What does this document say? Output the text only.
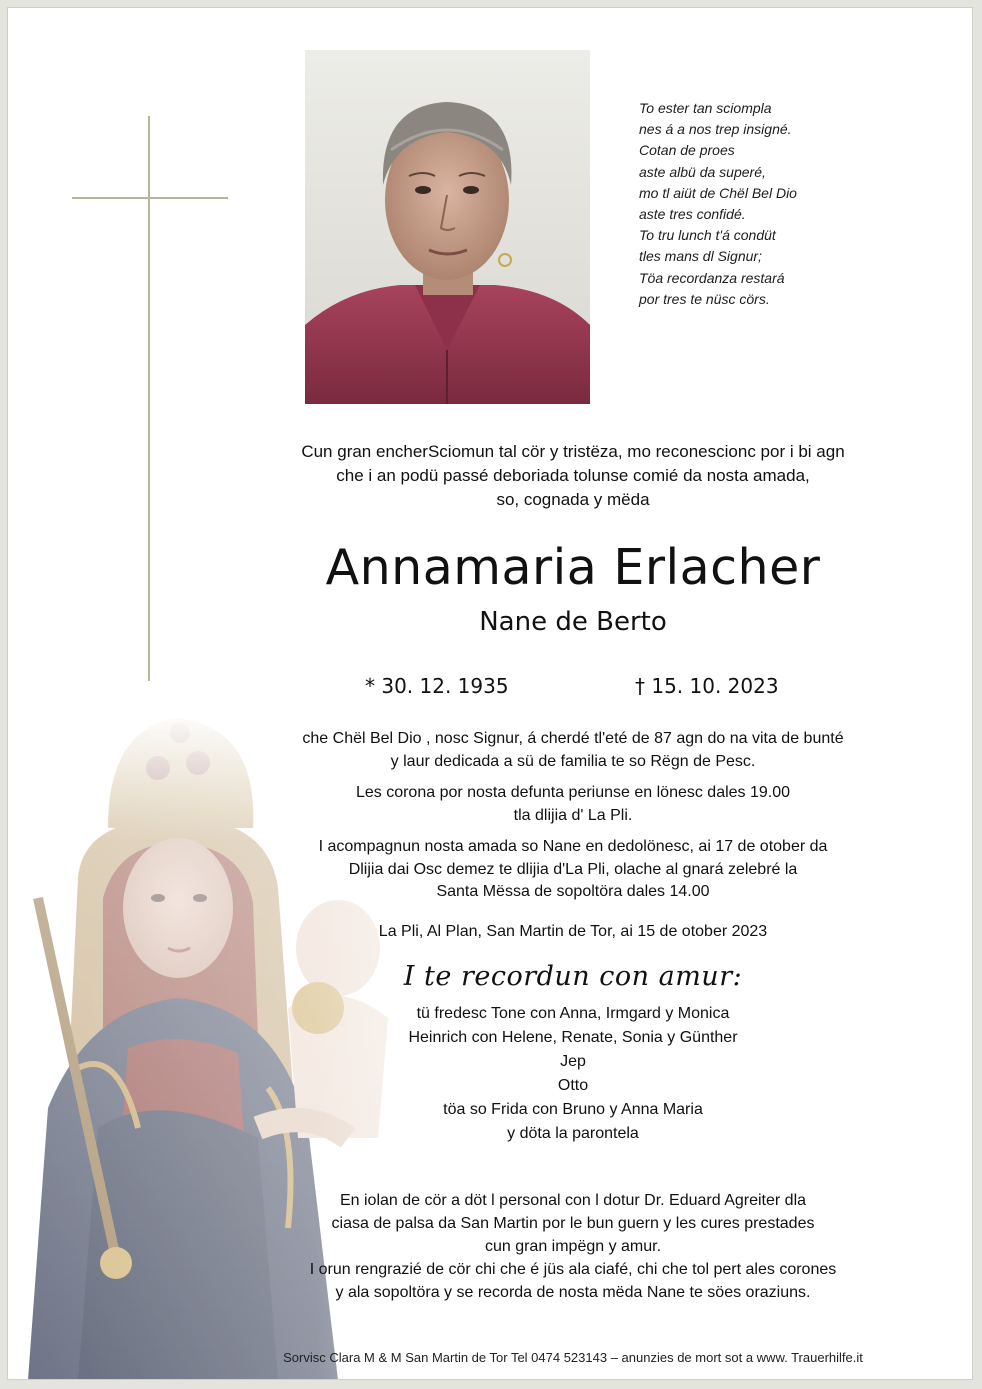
To ester tan sciompla
nes á a nos trep insigné.
Cotan de proes
aste albü da superé,
mo tl aiüt de Chël Bel Dio
aste tres confidé.
To tru lunch t'á condüt
tles mans dl Signur;
Töa recordanza restará
por tres te nüsc cörs.
Cun gran encherSciomun tal cör y tristëza, mo reconescionc por i bi agn
che i an podü passé deboriada tolunse comié da nosta amada,
so, cognada y mëda
Annamaria Erlacher
Nane de Berto
* 30. 12. 1935	† 15. 10. 2023
che Chël Bel Dio , nosc Signur, á cherdé tl'eté de 87 agn do na vita de bunté
y laur dedicada a sü de familia te so Rëgn de Pesc.
Les corona por nosta defunta periunse en lönesc dales 19.00
tla dlijia d' La Pli.
I acompagnun nosta amada so Nane en dedolönesc, ai 17 de otober da
Dlijia dai Osc demez te dlijia d'La Pli, olache al gnará zelebré la
Santa Mëssa de sopoltöra dales 14.00
La Pli, Al Plan, San Martin de Tor, ai 15 de otober 2023
I te recordun con amur:
tü fredesc Tone con Anna, Irmgard y Monica
Heinrich con Helene, Renate, Sonia y Günther
Jep
Otto
töa so Frida con Bruno y Anna Maria
y döta la parontela
En iolan de cör a döt l personal con l dotur Dr. Eduard Agreiter dla
ciasa de palsa da San Martin por le bun guern y les cures prestades
cun gran impëgn y amur.
I orun rengrazié de cör chi che é jüs ala ciafé, chi che tol pert ales corones
y ala sopoltöra y se recorda de nosta mëda Nane te söes oraziuns.
Sorvisc Clara M & M San Martin de Tor Tel 0474 523143 – anunzies de mort sot a www. Trauerhilfe.it
